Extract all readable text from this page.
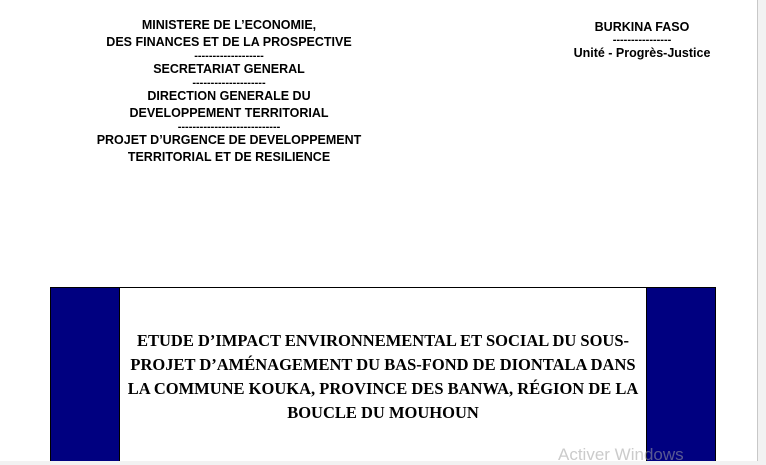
MINISTERE DE L’ECONOMIE,
DES FINANCES ET DE LA PROSPECTIVE
-------------------
SECRETARIAT GENERAL
--------------------
DIRECTION GENERALE DU
DEVELOPPEMENT TERRITORIAL
----------------------------
PROJET D’URGENCE DE DEVELOPPEMENT
TERRITORIAL ET DE RESILIENCE
BURKINA FASO
----------------
Unité - Progrès-Justice
ETUDE D’IMPACT ENVIRONNEMENTAL ET SOCIAL DU SOUS-
PROJET D’AMÉNAGEMENT DU BAS-FOND DE DIONTALA DANS
LA COMMUNE KOUKA, PROVINCE DES BANWA, RÉGION DE LA
BOUCLE DU MOUHOUN
Activer Windows
